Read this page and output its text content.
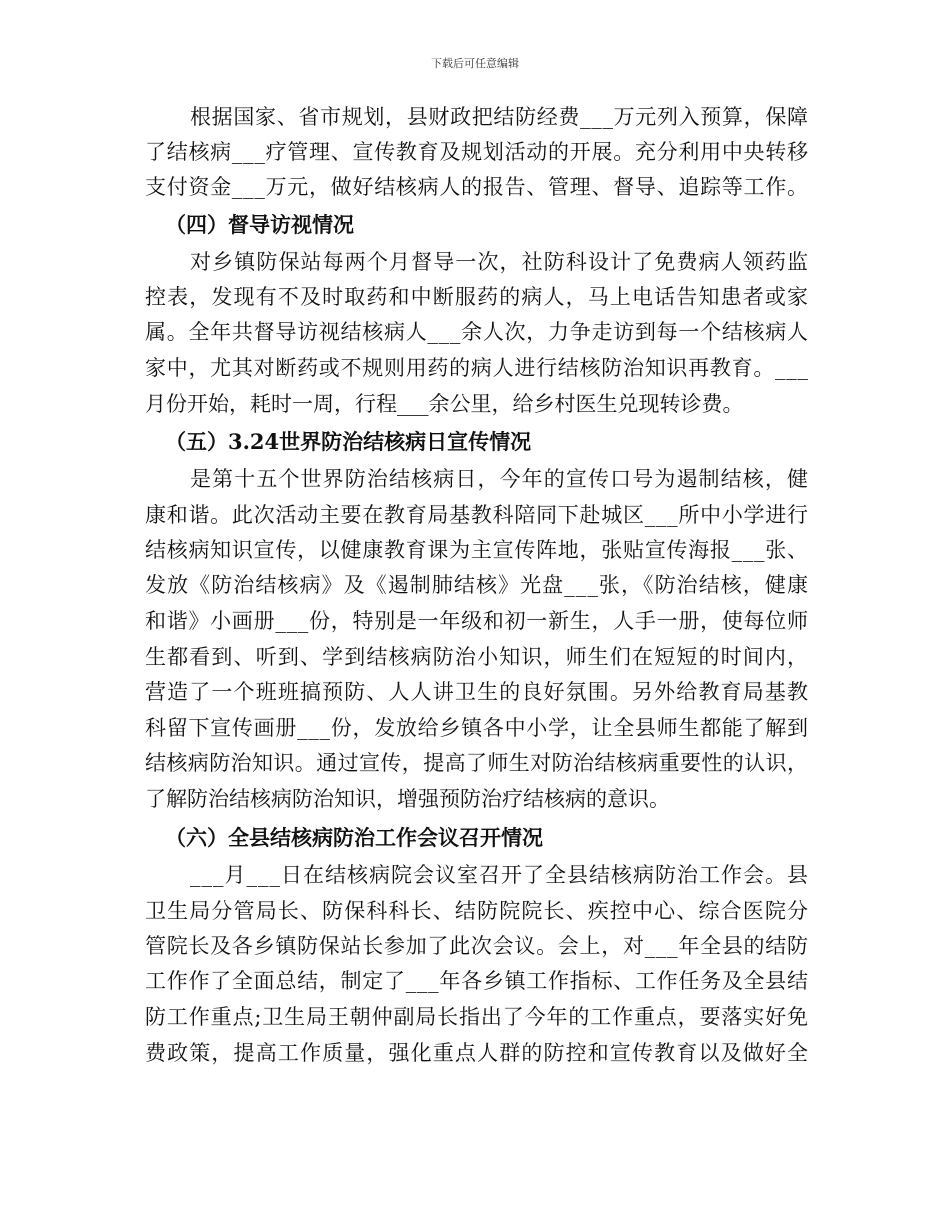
下载后可任意编辑
根据国家、省市规划，县财政把结防经费___万元列入预算，保障
了结核病___疗管理、宣传教育及规划活动的开展。充分利用中央转移
支付资金___万元，做好结核病人的报告、管理、督导、追踪等工作。
（四）督导访视情况
对乡镇防保站每两个月督导一次，社防科设计了免费病人领药监
控表，发现有不及时取药和中断服药的病人，马上电话告知患者或家
属。全年共督导访视结核病人___余人次，力争走访到每一个结核病人
家中，尤其对断药或不规则用药的病人进行结核防治知识再教育。___
月份开始，耗时一周，行程___余公里，给乡村医生兑现转诊费。
（五）3.24世界防治结核病日宣传情况
是第十五个世界防治结核病日，今年的宣传口号为遏制结核，健
康和谐。此次活动主要在教育局基教科陪同下赴城区___所中小学进行
结核病知识宣传，以健康教育课为主宣传阵地，张贴宣传海报___张、
发放《防治结核病》及《遏制肺结核》光盘___张，《防治结核，健康
和谐》小画册___份，特别是一年级和初一新生，人手一册，使每位师
生都看到、听到、学到结核病防治小知识，师生们在短短的时间内，
营造了一个班班搞预防、人人讲卫生的良好氛围。另外给教育局基教
科留下宣传画册___份，发放给乡镇各中小学，让全县师生都能了解到
结核病防治知识。通过宣传，提高了师生对防治结核病重要性的认识，
了解防治结核病防治知识，增强预防治疗结核病的意识。
（六）全县结核病防治工作会议召开情况
___月___日在结核病院会议室召开了全县结核病防治工作会。县
卫生局分管局长、防保科科长、结防院院长、疾控中心、综合医院分
管院长及各乡镇防保站长参加了此次会议。会上，对___年全县的结防
工作作了全面总结，制定了___年各乡镇工作指标、工作任务及全县结
防工作重点;卫生局王朝仲副局长指出了今年的工作重点，要落实好免
费政策，提高工作质量，强化重点人群的防控和宣传教育以及做好全
